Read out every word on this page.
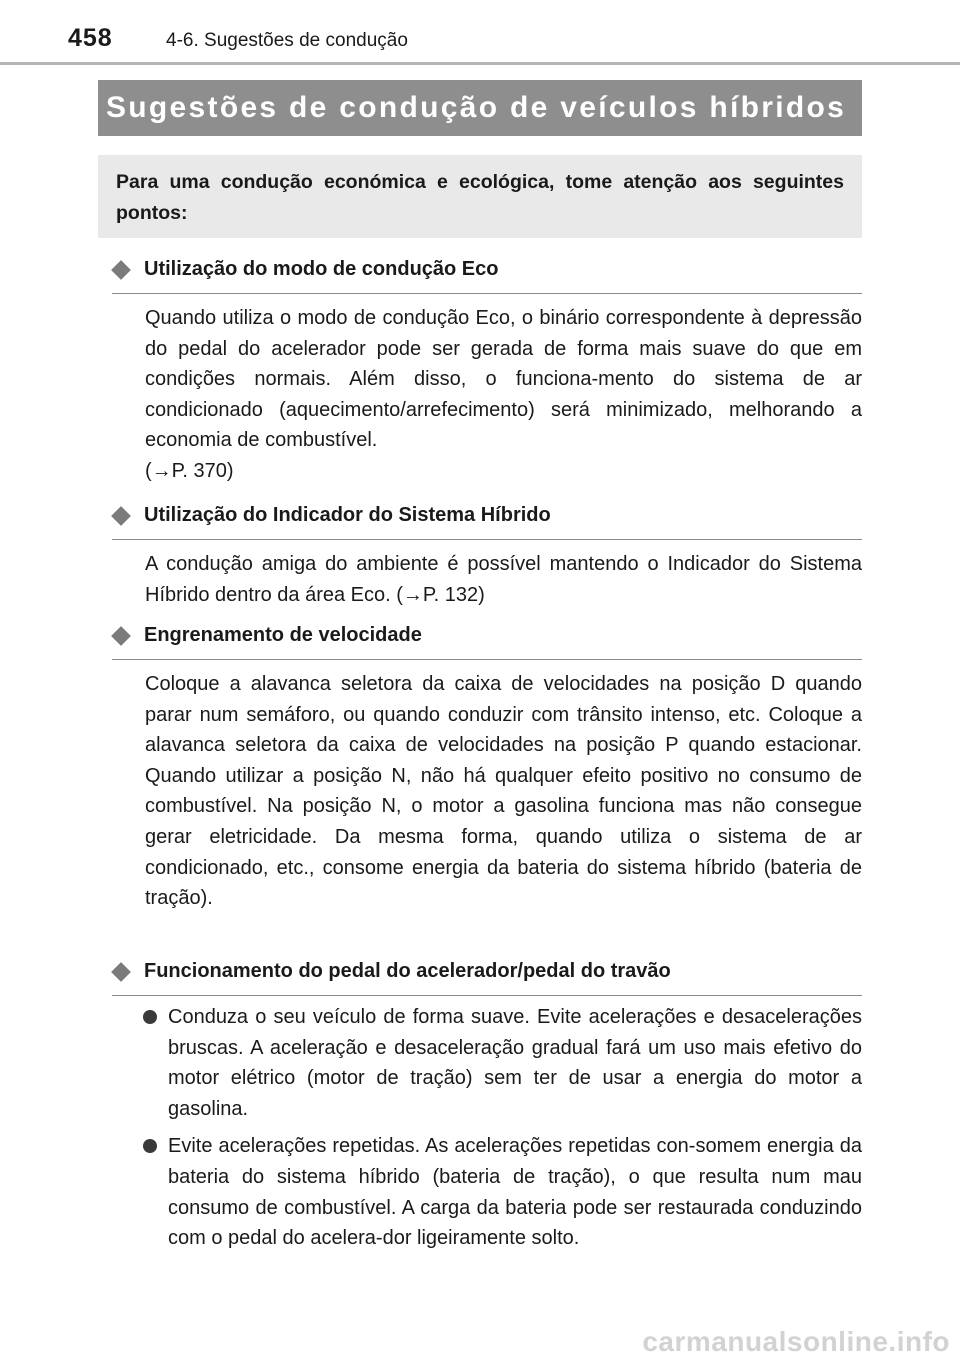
458	4-6. Sugestões de condução
Sugestões de condução de veículos híbridos
Para uma condução económica e ecológica, tome atenção aos seguintes pontos:
Utilização do modo de condução Eco
Quando utiliza o modo de condução Eco, o binário correspondente à depressão do pedal do acelerador pode ser gerada de forma mais suave do que em condições normais. Além disso, o funciona-mento do sistema de ar condicionado (aquecimento/arrefecimento) será minimizado, melhorando a economia de combustível.
(→P. 370)
Utilização do Indicador do Sistema Híbrido
A condução amiga do ambiente é possível mantendo o Indicador do Sistema Híbrido dentro da área Eco. (→P. 132)
Engrenamento de velocidade
Coloque a alavanca seletora da caixa de velocidades na posição D quando parar num semáforo, ou quando conduzir com trânsito intenso, etc. Coloque a alavanca seletora da caixa de velocidades na posição P quando estacionar. Quando utilizar a posição N, não há qualquer efeito positivo no consumo de combustível. Na posição N, o motor a gasolina funciona mas não consegue gerar eletricidade. Da mesma forma, quando utiliza o sistema de ar condicionado, etc., consome energia da bateria do sistema híbrido (bateria de tração).
Funcionamento do pedal do acelerador/pedal do travão
Conduza o seu veículo de forma suave. Evite acelerações e desacelerações bruscas. A aceleração e desaceleração gradual fará um uso mais efetivo do motor elétrico (motor de tração) sem ter de usar a energia do motor a gasolina.
Evite acelerações repetidas. As acelerações repetidas con-somem energia da bateria do sistema híbrido (bateria de tração), o que resulta num mau consumo de combustível. A carga da bateria pode ser restaurada conduzindo com o pedal do acelera-dor ligeiramente solto.
carmanualsonline.info
